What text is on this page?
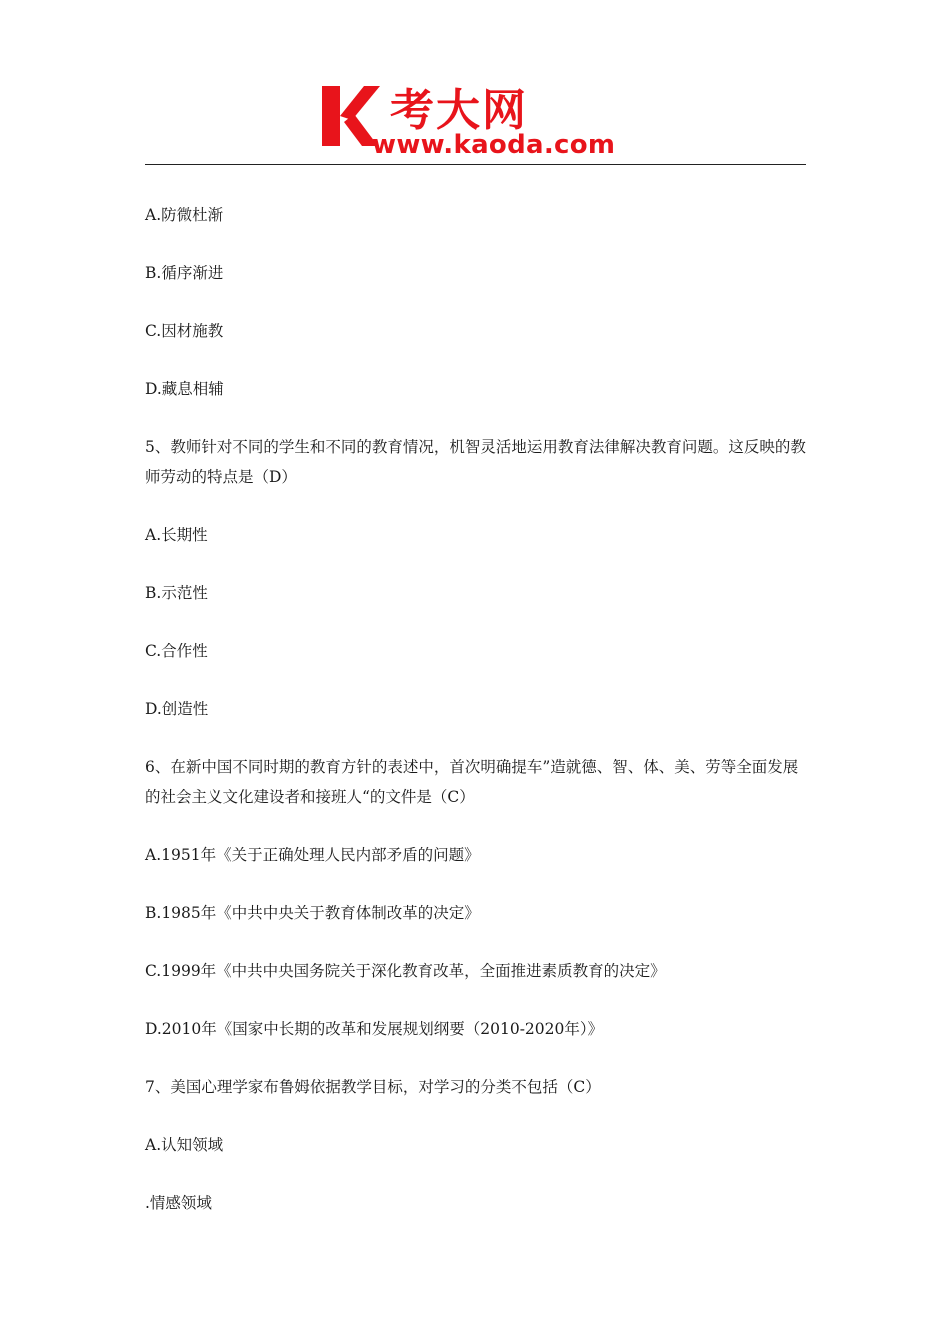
考大网
www.kaoda.com
A.防微杜渐
B.循序渐进
C.因材施教
D.藏息相辅
5、教师针对不同的学生和不同的教育情况，机智灵活地运用教育法律解决教育问题。这反映的教师劳动的特点是（D）
A.长期性
B.示范性
C.合作性
D.创造性
6、在新中国不同时期的教育方针的表述中，首次明确提车”造就德、智、体、美、劳等全面发展的社会主义文化建设者和接班人“的文件是（C）
A.1951年《关于正确处理人民内部矛盾的问题》
B.1985年《中共中央关于教育体制改革的决定》
C.1999年《中共中央国务院关于深化教育改革，全面推进素质教育的决定》
D.2010年《国家中长期的改革和发展规划纲要（2010-2020年）》
7、美国心理学家布鲁姆依据教学目标，对学习的分类不包括（C）
A.认知领域
.情感领域
